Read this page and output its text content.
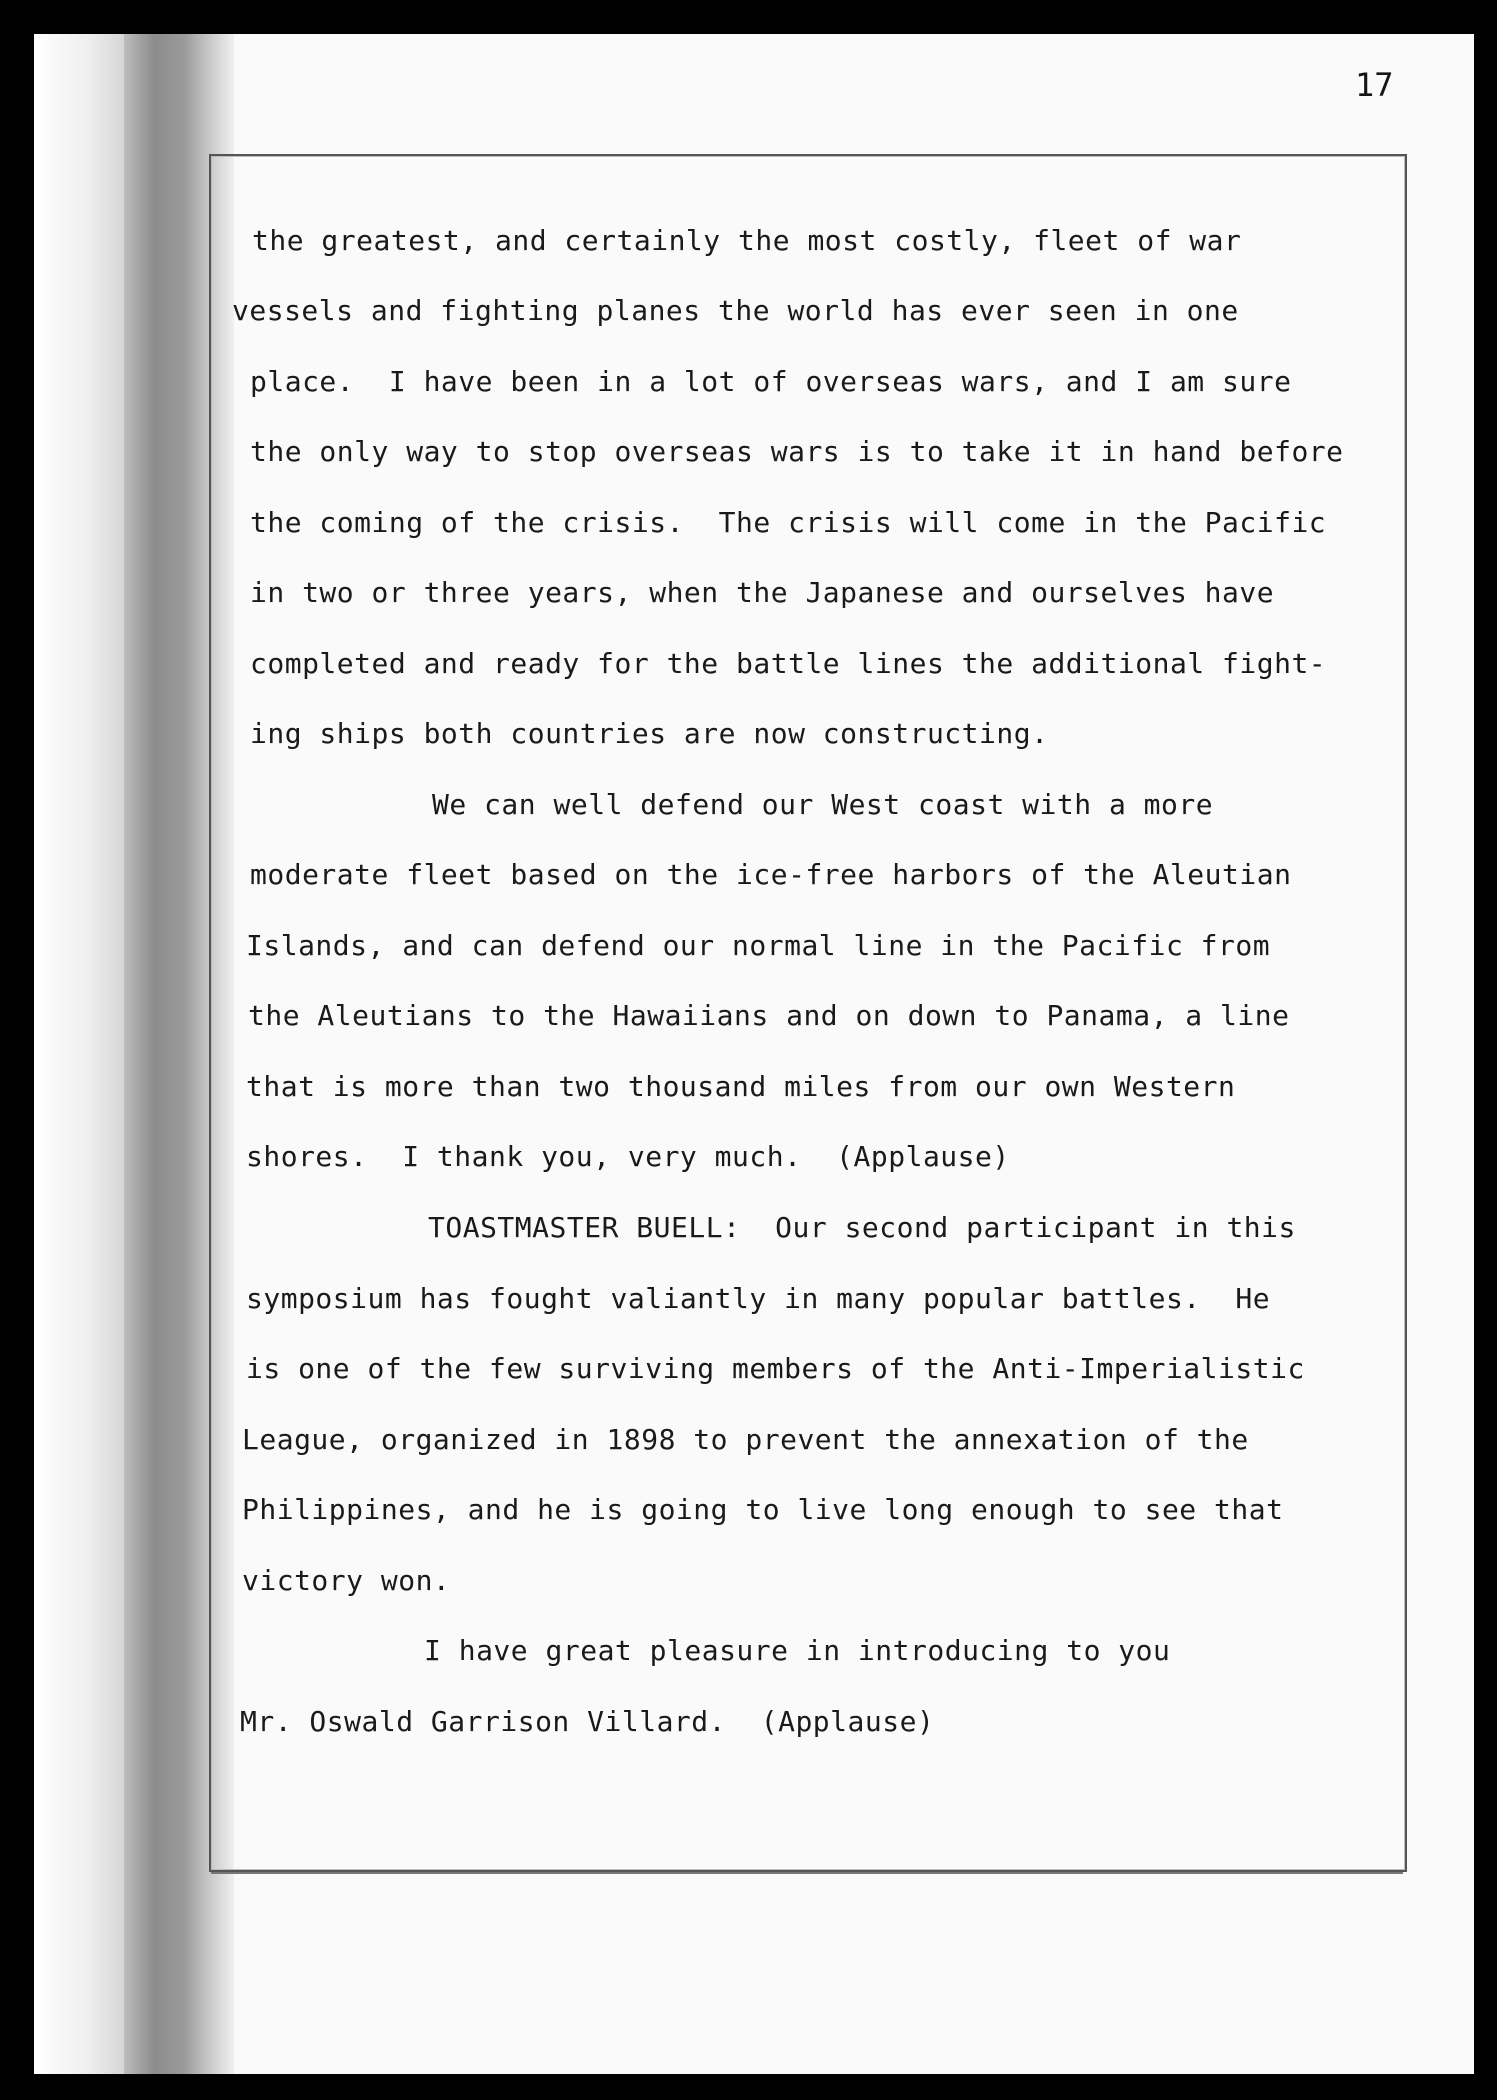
17
the greatest, and certainly the most costly, fleet of war
vessels and fighting planes the world has ever seen in one
place.  I have been in a lot of overseas wars, and I am sure
the only way to stop overseas wars is to take it in hand before
the coming of the crisis.  The crisis will come in the Pacific
in two or three years, when the Japanese and ourselves have
completed and ready for the battle lines the additional fight-
ing ships both countries are now constructing.
We can well defend our West coast with a more
moderate fleet based on the ice-free harbors of the Aleutian
Islands, and can defend our normal line in the Pacific from
the Aleutians to the Hawaiians and on down to Panama, a line
that is more than two thousand miles from our own Western
shores.  I thank you, very much.  (Applause)
TOASTMASTER BUELL:  Our second participant in this
symposium has fought valiantly in many popular battles.  He
is one of the few surviving members of the Anti-Imperialistic
League, organized in 1898 to prevent the annexation of the
Philippines, and he is going to live long enough to see that
victory won.
I have great pleasure in introducing to you
Mr. Oswald Garrison Villard.  (Applause)
